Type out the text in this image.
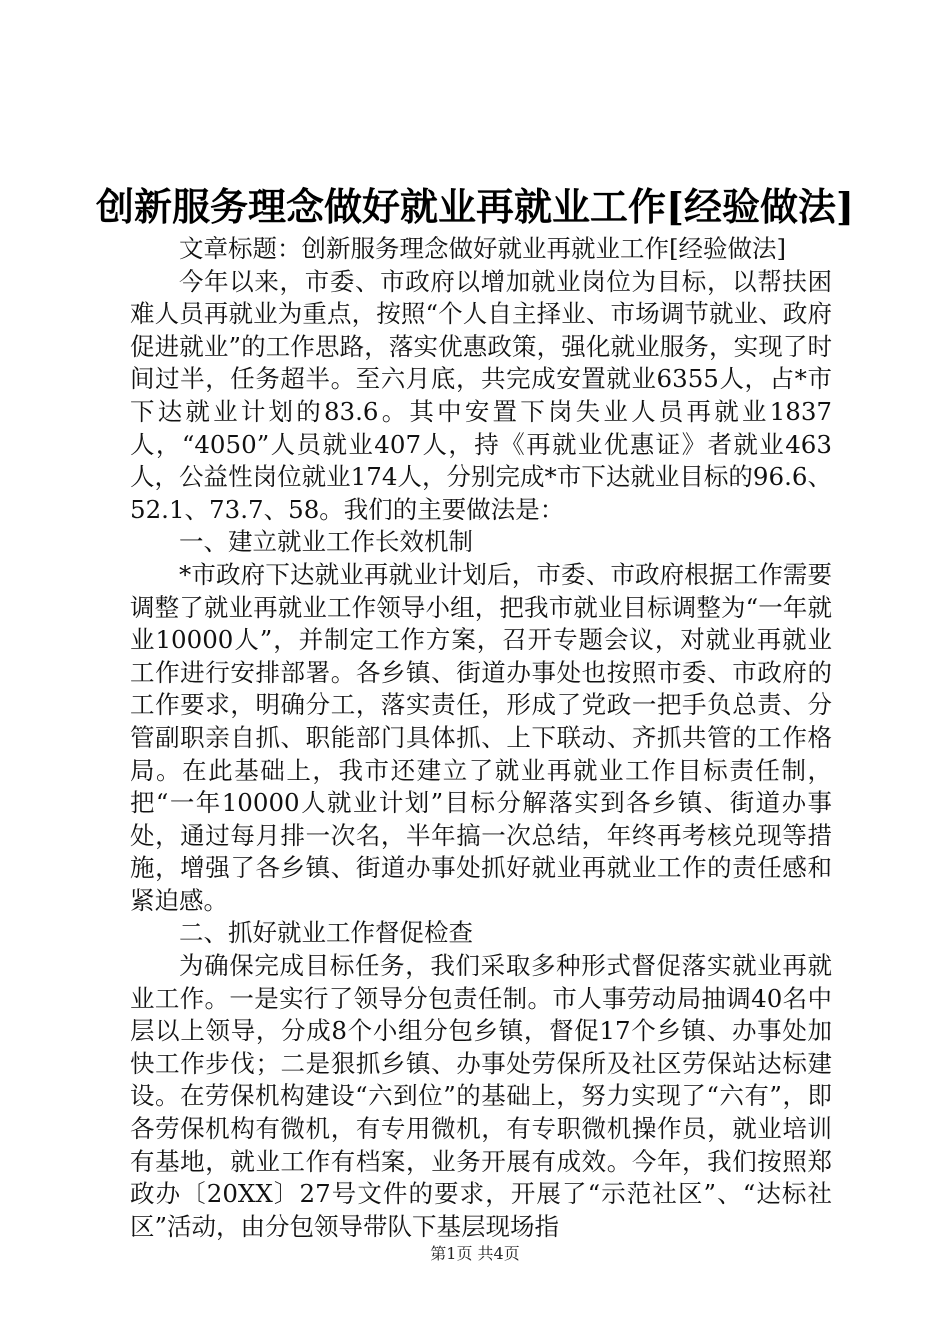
创新服务理念做好就业再就业工作[经验做法]

文章标题：创新服务理念做好就业再就业工作[经验做法]

今年以来，市委、市政府以增加就业岗位为目标，以帮扶困难人员再就业为重点，按照“个人自主择业、市场调节就业、政府促进就业”的工作思路，落实优惠政策，强化就业服务，实现了时间过半，任务超半。至六月底，共完成安置就业6355人，占*市下达就业计划的83.6。其中安置下岗失业人员再就业1837人，“4050”人员就业407人，持《再就业优惠证》者就业463人，公益性岗位就业174人，分别完成*市下达就业目标的96.6、52.1、73.7、58。我们的主要做法是：

一、建立就业工作长效机制

*市政府下达就业再就业计划后，市委、市政府根据工作需要调整了就业再就业工作领导小组，把我市就业目标调整为“一年就业10000人”，并制定工作方案，召开专题会议，对就业再就业工作进行安排部署。各乡镇、街道办事处也按照市委、市政府的工作要求，明确分工，落实责任，形成了党政一把手负总责、分管副职亲自抓、职能部门具体抓、上下联动、齐抓共管的工作格局。在此基础上，我市还建立了就业再就业工作目标责任制，把“一年10000人就业计划”目标分解落实到各乡镇、街道办事处，通过每月排一次名，半年搞一次总结，年终再考核兑现等措施，增强了各乡镇、街道办事处抓好就业再就业工作的责任感和紧迫感。

二、抓好就业工作督促检查

为确保完成目标任务，我们采取多种形式督促落实就业再就业工作。一是实行了领导分包责任制。市人事劳动局抽调40名中层以上领导，分成8个小组分包乡镇，督促17个乡镇、办事处加快工作步伐；二是狠抓乡镇、办事处劳保所及社区劳保站达标建设。在劳保机构建设“六到位”的基础上，努力实现了“六有”，即各劳保机构有微机，有专用微机，有专职微机操作员，就业培训有基地，就业工作有档案，业务开展有成效。今年，我们按照郑政办〔20XX〕27号文件的要求，开展了“示范社区”、“达标社区”活动，由分包领导带队下基层现场指

第1页 共4页
